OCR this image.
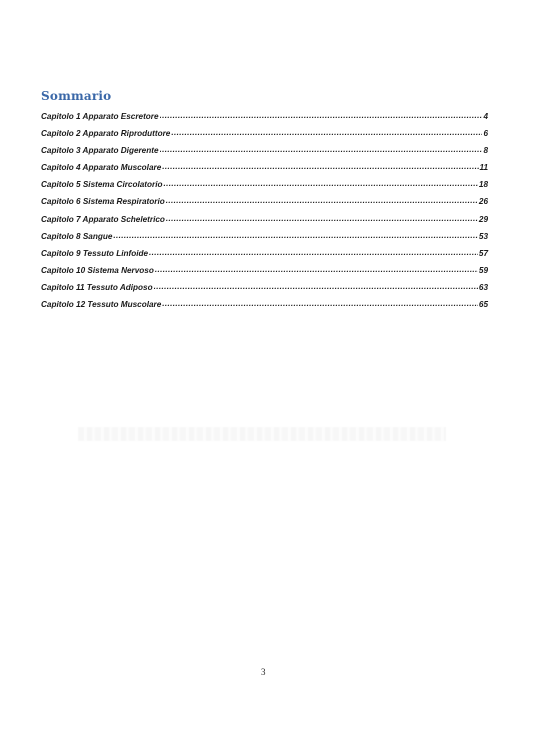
Sommario
Capitolo 1 Apparato Escretore .....	4
Capitolo 2 Apparato Riproduttore .....	6
Capitolo 3 Apparato Digerente .....	8
Capitolo 4 Apparato Muscolare .....	11
Capitolo 5 Sistema Circolatorio .....	18
Capitolo 6 Sistema Respiratorio .....	26
Capitolo 7 Apparato Scheletrico .....	29
Capitolo 8 Sangue .....	53
Capitolo 9 Tessuto Linfoide .....	57
Capitolo 10 Sistema Nervoso .....	59
Capitolo 11 Tessuto Adiposo .....	63
Capitolo 12 Tessuto Muscolare .....	65
3
